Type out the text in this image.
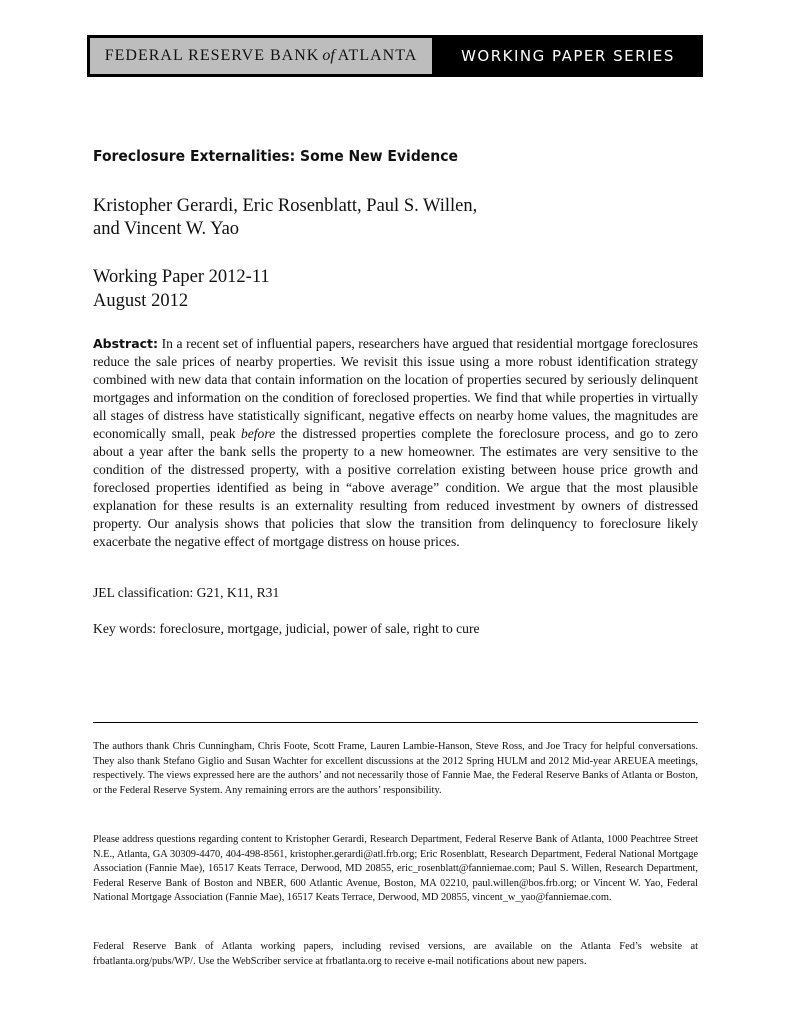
FEDERAL RESERVE BANK of ATLANTA	WORKING PAPER SERIES
Foreclosure Externalities: Some New Evidence
Kristopher Gerardi, Eric Rosenblatt, Paul S. Willen,
and Vincent W. Yao
Working Paper 2012-11
August 2012

Abstract: In a recent set of influential papers, researchers have argued that residential mortgage foreclosures reduce the sale prices of nearby properties. We revisit this issue using a more robust identification strategy combined with new data that contain information on the location of properties secured by seriously delinquent mortgages and information on the condition of foreclosed properties. We find that while properties in virtually all stages of distress have statistically significant, negative effects on nearby home values, the magnitudes are economically small, peak before the distressed properties complete the foreclosure process, and go to zero about a year after the bank sells the property to a new homeowner. The estimates are very sensitive to the condition of the distressed property, with a positive correlation existing between house price growth and foreclosed properties identified as being in “above average” condition. We argue that the most plausible explanation for these results is an externality resulting from reduced investment by owners of distressed property. Our analysis shows that policies that slow the transition from delinquency to foreclosure likely exacerbate the negative effect of mortgage distress on house prices.

JEL classification: G21, K11, R31
Key words: foreclosure, mortgage, judicial, power of sale, right to cure

The authors thank Chris Cunningham, Chris Foote, Scott Frame, Lauren Lambie-Hanson, Steve Ross, and Joe Tracy for helpful conversations. They also thank Stefano Giglio and Susan Wachter for excellent discussions at the 2012 Spring HULM and 2012 Mid-year AREUEA meetings, respectively. The views expressed here are the authors’ and not necessarily those of Fannie Mae, the Federal Reserve Banks of Atlanta or Boston, or the Federal Reserve System. Any remaining errors are the authors’ responsibility.

Please address questions regarding content to Kristopher Gerardi, Research Department, Federal Reserve Bank of Atlanta, 1000 Peachtree Street N.E., Atlanta, GA 30309-4470, 404-498-8561, kristopher.gerardi@atl.frb.org; Eric Rosenblatt, Research Department, Federal National Mortgage Association (Fannie Mae), 16517 Keats Terrace, Derwood, MD 20855, eric_rosenblatt@fanniemae.com; Paul S. Willen, Research Department, Federal Reserve Bank of Boston and NBER, 600 Atlantic Avenue, Boston, MA 02210, paul.willen@bos.frb.org; or Vincent W. Yao, Federal National Mortgage Association (Fannie Mae), 16517 Keats Terrace, Derwood, MD 20855, vincent_w_yao@fanniemae.com.

Federal Reserve Bank of Atlanta working papers, including revised versions, are available on the Atlanta Fed’s website at frbatlanta.org/pubs/WP/. Use the WebScriber service at frbatlanta.org to receive e-mail notifications about new papers.
